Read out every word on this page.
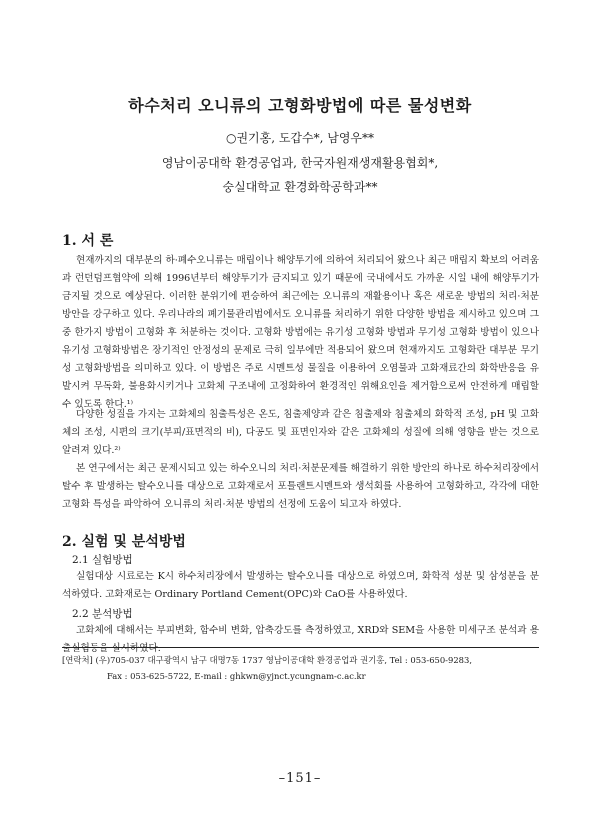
하수처리 오니류의 고형화방법에 따른 물성변화
○권기홍, 도갑수*, 남영우**
영남이공대학 환경공업과, 한국자원재생재활용협회*,
숭실대학교 환경화학공학과**
1. 서 론

현재까지의 대부분의 하·폐수오니류는 매립이나 해양투기에 의하여 처리되어 왔으나 최근 매립지 확보의 어려움과 런던덤프협약에 의해 1996년부터 해양투기가 금지되고 있기 때문에 국내에서도 가까운 시일 내에 해양투기가 금지될 것으로 예상된다. 이러한 분위기에 편승하여 최근에는 오니류의 재활용이나 혹은 새로운 방법의 처리·처분 방안을 강구하고 있다. 우리나라의 폐기물관리법에서도 오니류를 처리하기 위한 다양한 방법을 제시하고 있으며 그중 한가지 방법이 고형화 후 처분하는 것이다. 고형화 방법에는 유기성 고형화 방법과 무기성 고형화 방법이 있으나 유기성 고형화방법은 장기적인 안정성의 문제로 극히 일부에만 적용되어 왔으며 현재까지도 고형화란 대부분 무기성 고형화방법을 의미하고 있다. 이 방법은 주로 시멘트성 물질을 이용하여 오염물과 고화재료간의 화학반응을 유발시켜 무독화, 불용화시키거나 고화체 구조내에 고정화하여 환경적인 위해요인을 제거함으로써 안전하게 매립할 수 있도록 한다.¹⁾

다양한 성질을 가지는 고화체의 침출특성은 온도, 침출제양과 같은 침출제와 침출체의 화학적 조성, pH 및 고화체의 조성, 시편의 크기(부피/표면적의 비), 다공도 및 표면인자와 같은 고화체의 성질에 의해 영향을 받는 것으로 알려져 있다.²⁾

본 연구에서는 최근 문제시되고 있는 하수오니의 처리·처분문제를 해결하기 위한 방안의 하나로 하수처리장에서 탈수 후 발생하는 탈수오니를 대상으로 고화재로서 포틀랜트시멘트와 생석회를 사용하여 고형화하고, 각각에 대한 고형화 특성을 파악하여 오니류의 처리·처분 방법의 선정에 도움이 되고자 하였다.

2. 실험 및 분석방법
2.1 실험방법

실험대상 시료로는 K시 하수처리장에서 발생하는 탈수오니를 대상으로 하였으며, 화학적 성분 및 삼성분을 분석하였다. 고화재로는 Ordinary Portland Cement(OPC)와 CaO를 사용하였다.

2.2 분석방법

고화체에 대해서는 부피변화, 함수비 변화, 압축강도를 측정하였고, XRD와 SEM을 사용한 미세구조 분석과 용출실험등을 실시하였다.

[연락처] (우)705-037 대구광역시 남구 대명7동 1737 영남이공대학 환경공업과 권기홍, Tel : 053-650-9283,
Fax : 053-625-5722, E-mail : ghkwn@yjnct.ycungnam-c.ac.kr
–151–
